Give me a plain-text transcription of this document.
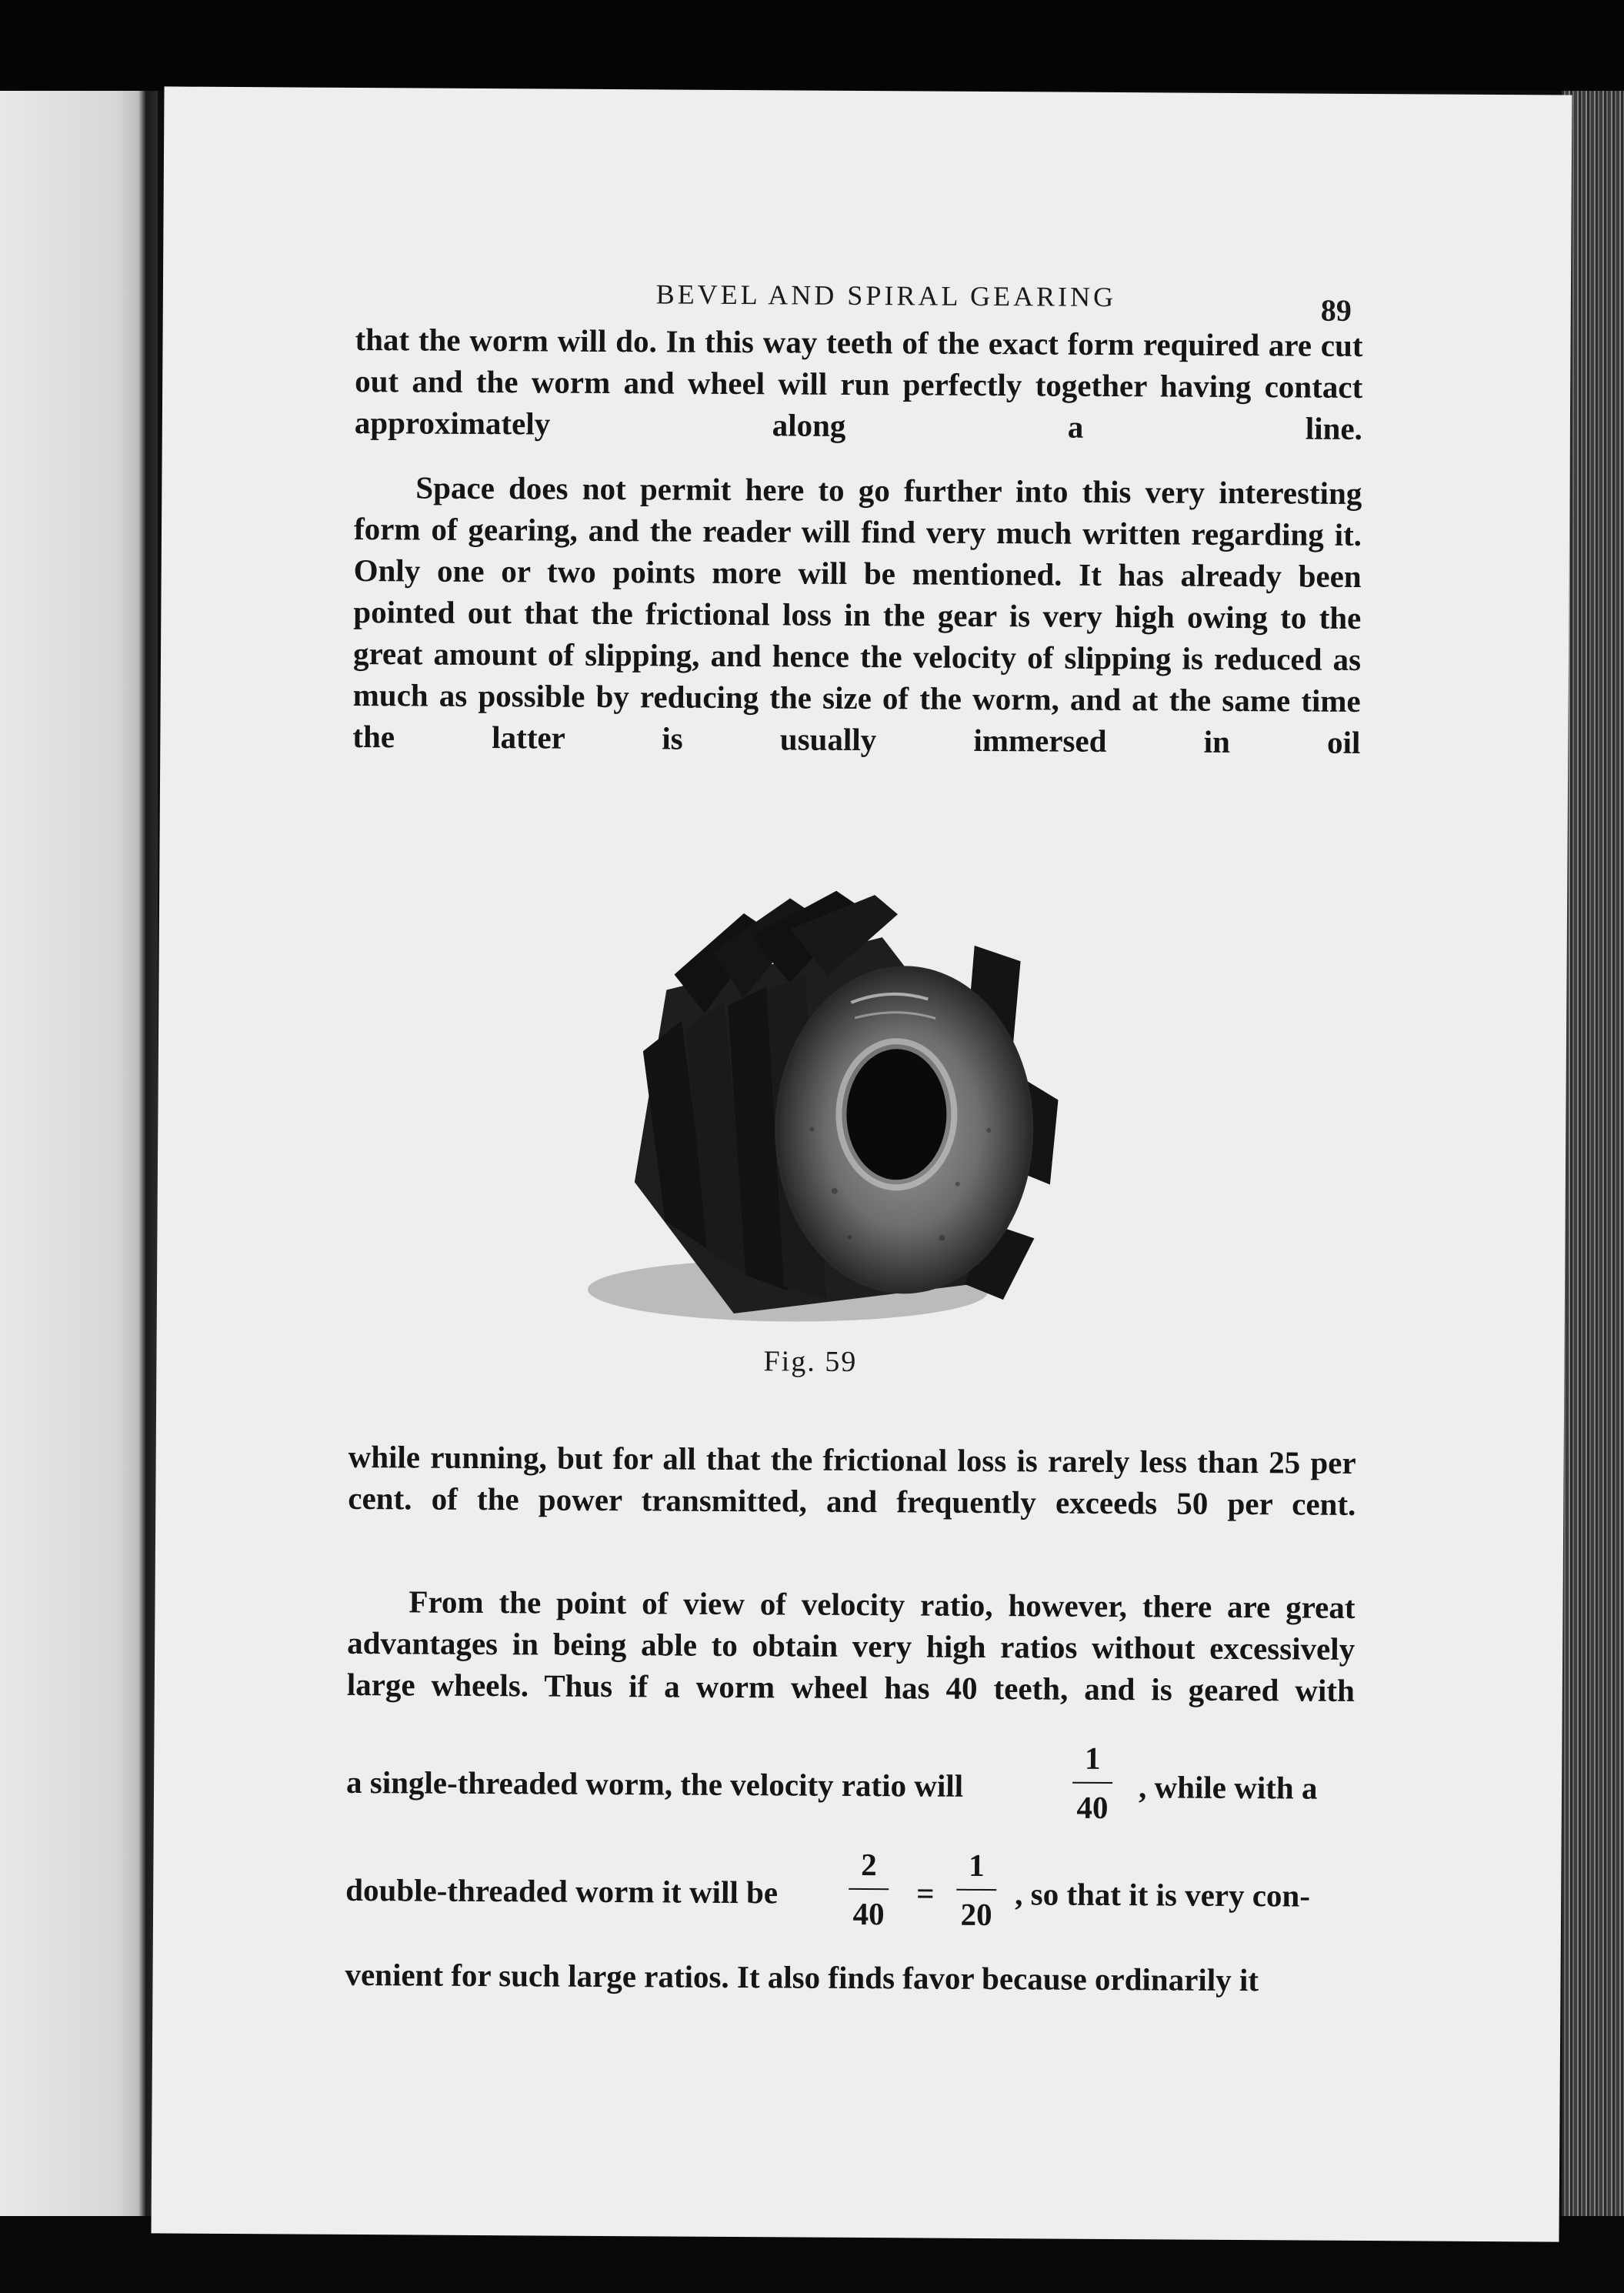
BEVEL AND SPIRAL GEARING	89

that the worm will do. In this way teeth of the exact form required are cut out and the worm and wheel will run perfectly together having contact approximately along a line.

Space does not permit here to go further into this very interesting form of gearing, and the reader will find very much written regarding it. Only one or two points more will be mentioned. It has already been pointed out that the frictional loss in the gear is very high owing to the great amount of slipping, and hence the velocity of slipping is reduced as much as possible by reducing the size of the worm, and at the same time the latter is usually immersed in oil

Fig. 59

while running, but for all that the frictional loss is rarely less than 25 per cent. of the power transmitted, and frequently exceeds 50 per cent.

From the point of view of velocity ratio, however, there are great advantages in being able to obtain very high ratios without excessively large wheels. Thus if a worm wheel has 40 teeth, and is geared with

a single-threaded worm, the velocity ratio will
1
40
, while with a
double-threaded worm it will be
2
40
=
1
20
, so that it is very con-

venient for such large ratios. It also finds favor because ordinarily it
